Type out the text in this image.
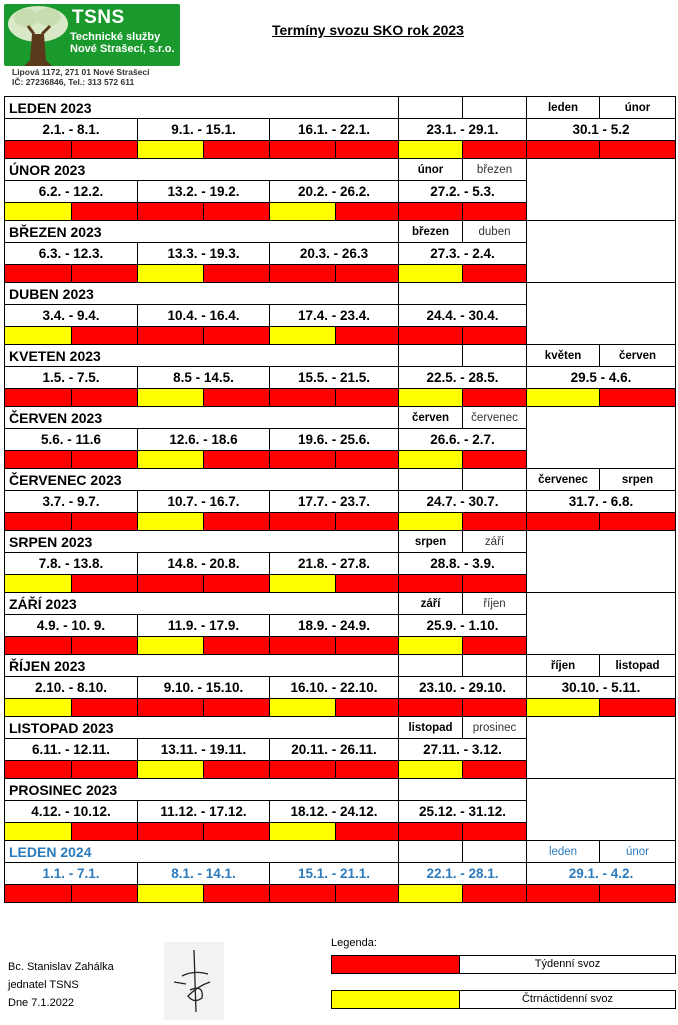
TSNS
Technické služby
Nové Strašecí, s.r.o.
Lipová 1172, 271 01 Nové Strašecí
IČ: 27236846, Tel.: 313 572 611
Termíny svozu SKO rok 2023
LEDEN 2023								leden	únor
2.1. - 8.1.		9.1. - 15.1.		16.1. - 22.1.		23.1. - 29.1.		30.1 - 5.2	

ÚNOR 2023						únor	březen		
6.2. - 12.2.		13.2. - 19.2.		20.2. - 26.2.		27.2. - 5.3.			

BŘEZEN 2023						březen	duben		
6.3. - 12.3.		13.3. - 19.3.		20.3. - 26.3		27.3. - 2.4.			

DUBEN 2023									
3.4. - 9.4.		10.4. - 16.4.		17.4. - 23.4.		24.4. - 30.4.			

KVETEN 2023								květen	červen
1.5. - 7.5.		8.5 - 14.5.		15.5. - 21.5.		22.5. - 28.5.		29.5 - 4.6.	

ČERVEN 2023						červen	červenec		
5.6. - 11.6		12.6. - 18.6		19.6. - 25.6.		26.6. - 2.7.			

ČERVENEC 2023								červenec	srpen
3.7. - 9.7.		10.7. - 16.7.		17.7. - 23.7.		24.7. - 30.7.		31.7. - 6.8.	

SRPEN 2023						srpen	září		
7.8. - 13.8.		14.8. - 20.8.		21.8. - 27.8.		28.8. - 3.9.			

ZÁŘÍ 2023						září	říjen		
4.9. - 10. 9.		11.9. - 17.9.		18.9. - 24.9.		25.9. - 1.10.			

ŘÍJEN 2023								říjen	listopad
2.10. - 8.10.		9.10. - 15.10.		16.10. - 22.10.		23.10. - 29.10.		30.10. - 5.11.	

LISTOPAD 2023						listopad	prosinec		
6.11. - 12.11.		13.11. - 19.11.		20.11. - 26.11.		27.11. - 3.12.			

PROSINEC 2023									
4.12. - 10.12.		11.12. - 17.12.		18.12. - 24.12.		25.12. - 31.12.			

LEDEN 2024								leden	únor
1.1. - 7.1.		8.1. - 14.1.		15.1. - 21.1.		22.1. - 28.1.		29.1. - 4.2.	

Bc. Stanislav Zahálka
jednatel TSNS
Dne 7.1.2022
Legenda:
Týdenní svoz
Čtrnáctidenní svoz
